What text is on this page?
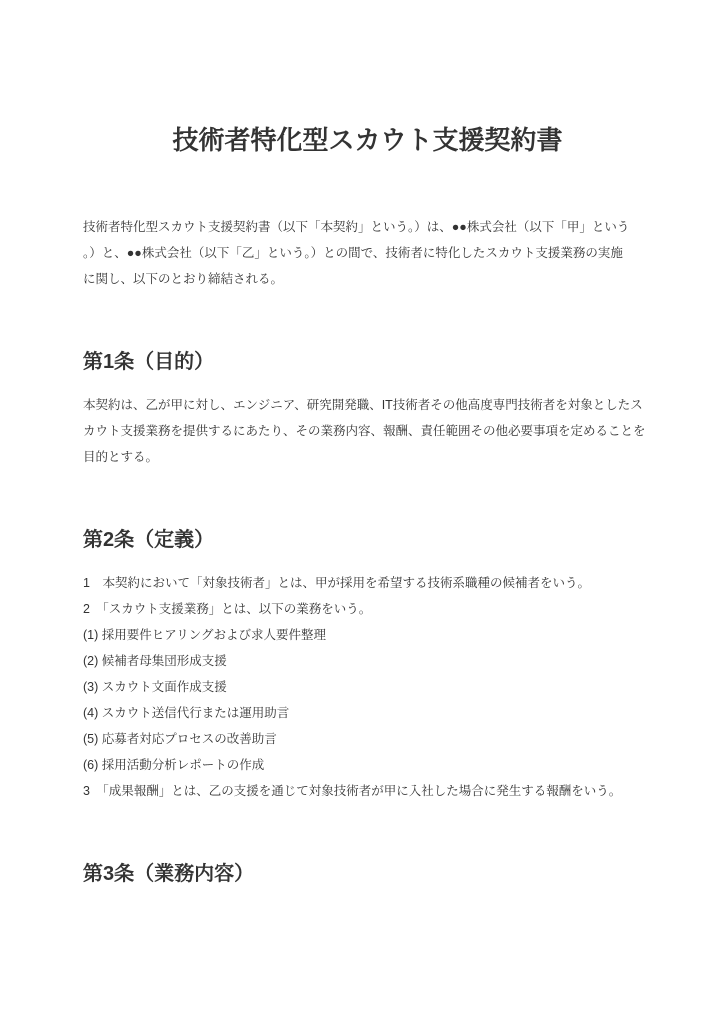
技術者特化型スカウト支援契約書
技術者特化型スカウト支援契約書（以下「本契約」という。）は、●●株式会社（以下「甲」という
。）と、●●株式会社（以下「乙」という。）との間で、技術者に特化したスカウト支援業務の実施
に関し、以下のとおり締結される。
第1条（目的）
本契約は、乙が甲に対し、エンジニア、研究開発職、IT技術者その他高度専門技術者を対象としたス
カウト支援業務を提供するにあたり、その業務内容、報酬、責任範囲その他必要事項を定めることを
目的とする。
第2条（定義）
1　本契約において「対象技術者」とは、甲が採用を希望する技術系職種の候補者をいう。
2　「スカウト支援業務」とは、以下の業務をいう。
(1) 採用要件ヒアリングおよび求人要件整理
(2) 候補者母集団形成支援
(3) スカウト文面作成支援
(4) スカウト送信代行または運用助言
(5) 応募者対応プロセスの改善助言
(6) 採用活動分析レポートの作成
3　「成果報酬」とは、乙の支援を通じて対象技術者が甲に入社した場合に発生する報酬をいう。
第3条（業務内容）
